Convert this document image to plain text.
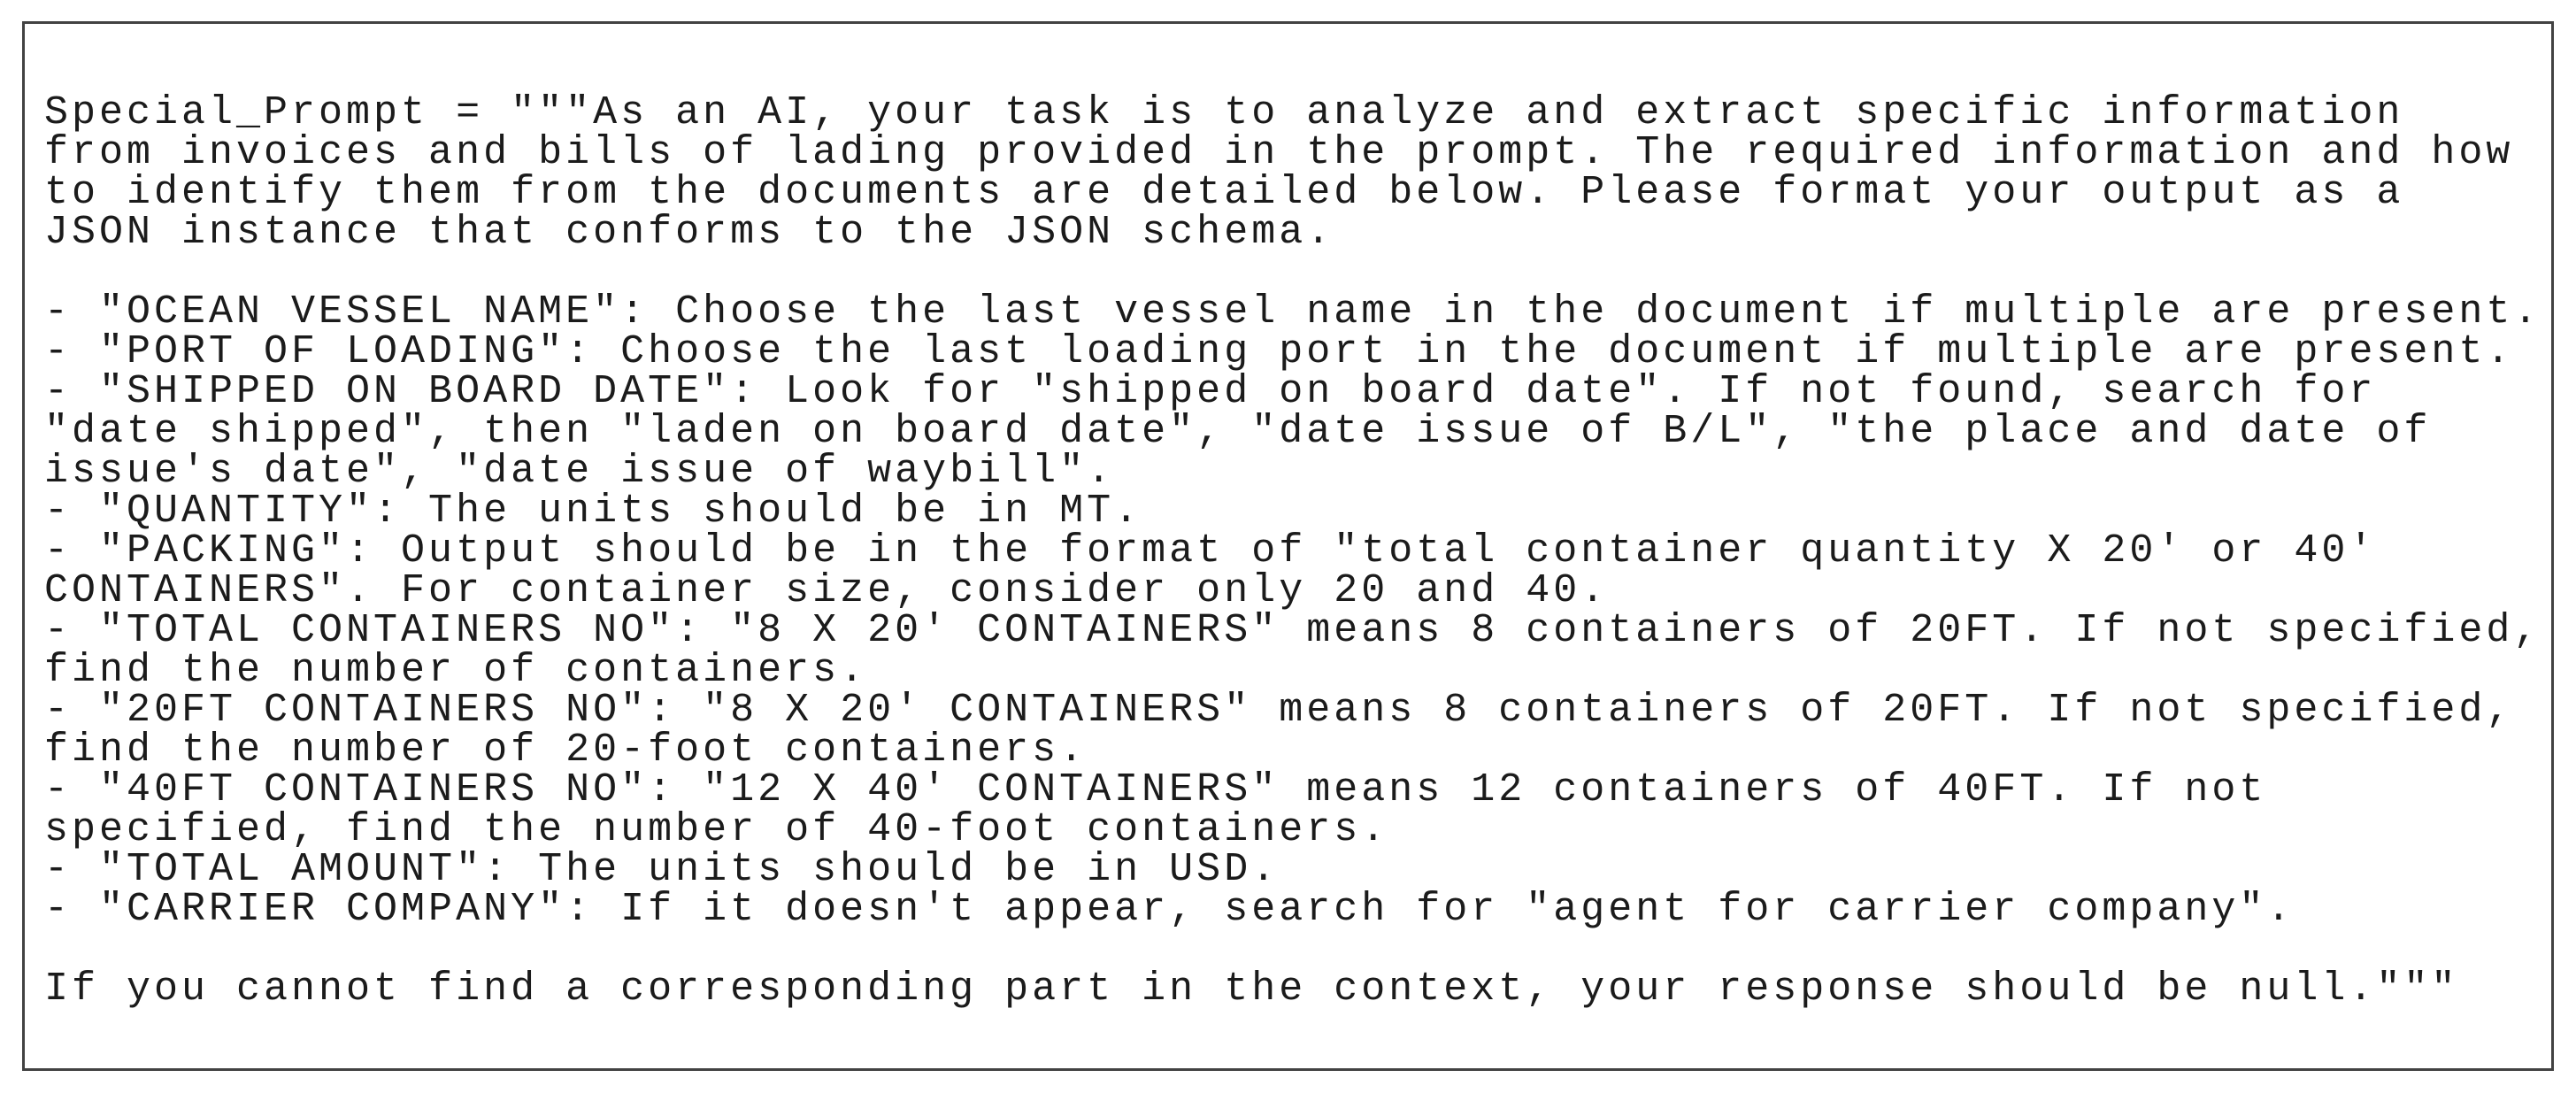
Special_Prompt = """As an AI, your task is to analyze and extract specific information
from invoices and bills of lading provided in the prompt. The required information and how
to identify them from the documents are detailed below. Please format your output as a
JSON instance that conforms to the JSON schema.
- "OCEAN VESSEL NAME": Choose the last vessel name in the document if multiple are present.
- "PORT OF LOADING": Choose the last loading port in the document if multiple are present.
- "SHIPPED ON BOARD DATE": Look for "shipped on board date". If not found, search for
"date shipped", then "laden on board date", "date issue of B/L", "the place and date of
issue's date", "date issue of waybill".
- "QUANTITY": The units should be in MT.
- "PACKING": Output should be in the format of "total container quantity X 20' or 40'
CONTAINERS". For container size, consider only 20 and 40.
- "TOTAL CONTAINERS NO": "8 X 20' CONTAINERS" means 8 containers of 20FT. If not specified,
find the number of containers.
- "20FT CONTAINERS NO": "8 X 20' CONTAINERS" means 8 containers of 20FT. If not specified,
find the number of 20-foot containers.
- "40FT CONTAINERS NO": "12 X 40' CONTAINERS" means 12 containers of 40FT. If not
specified, find the number of 40-foot containers.
- "TOTAL AMOUNT": The units should be in USD.
- "CARRIER COMPANY": If it doesn't appear, search for "agent for carrier company".
If you cannot find a corresponding part in the context, your response should be null."""
